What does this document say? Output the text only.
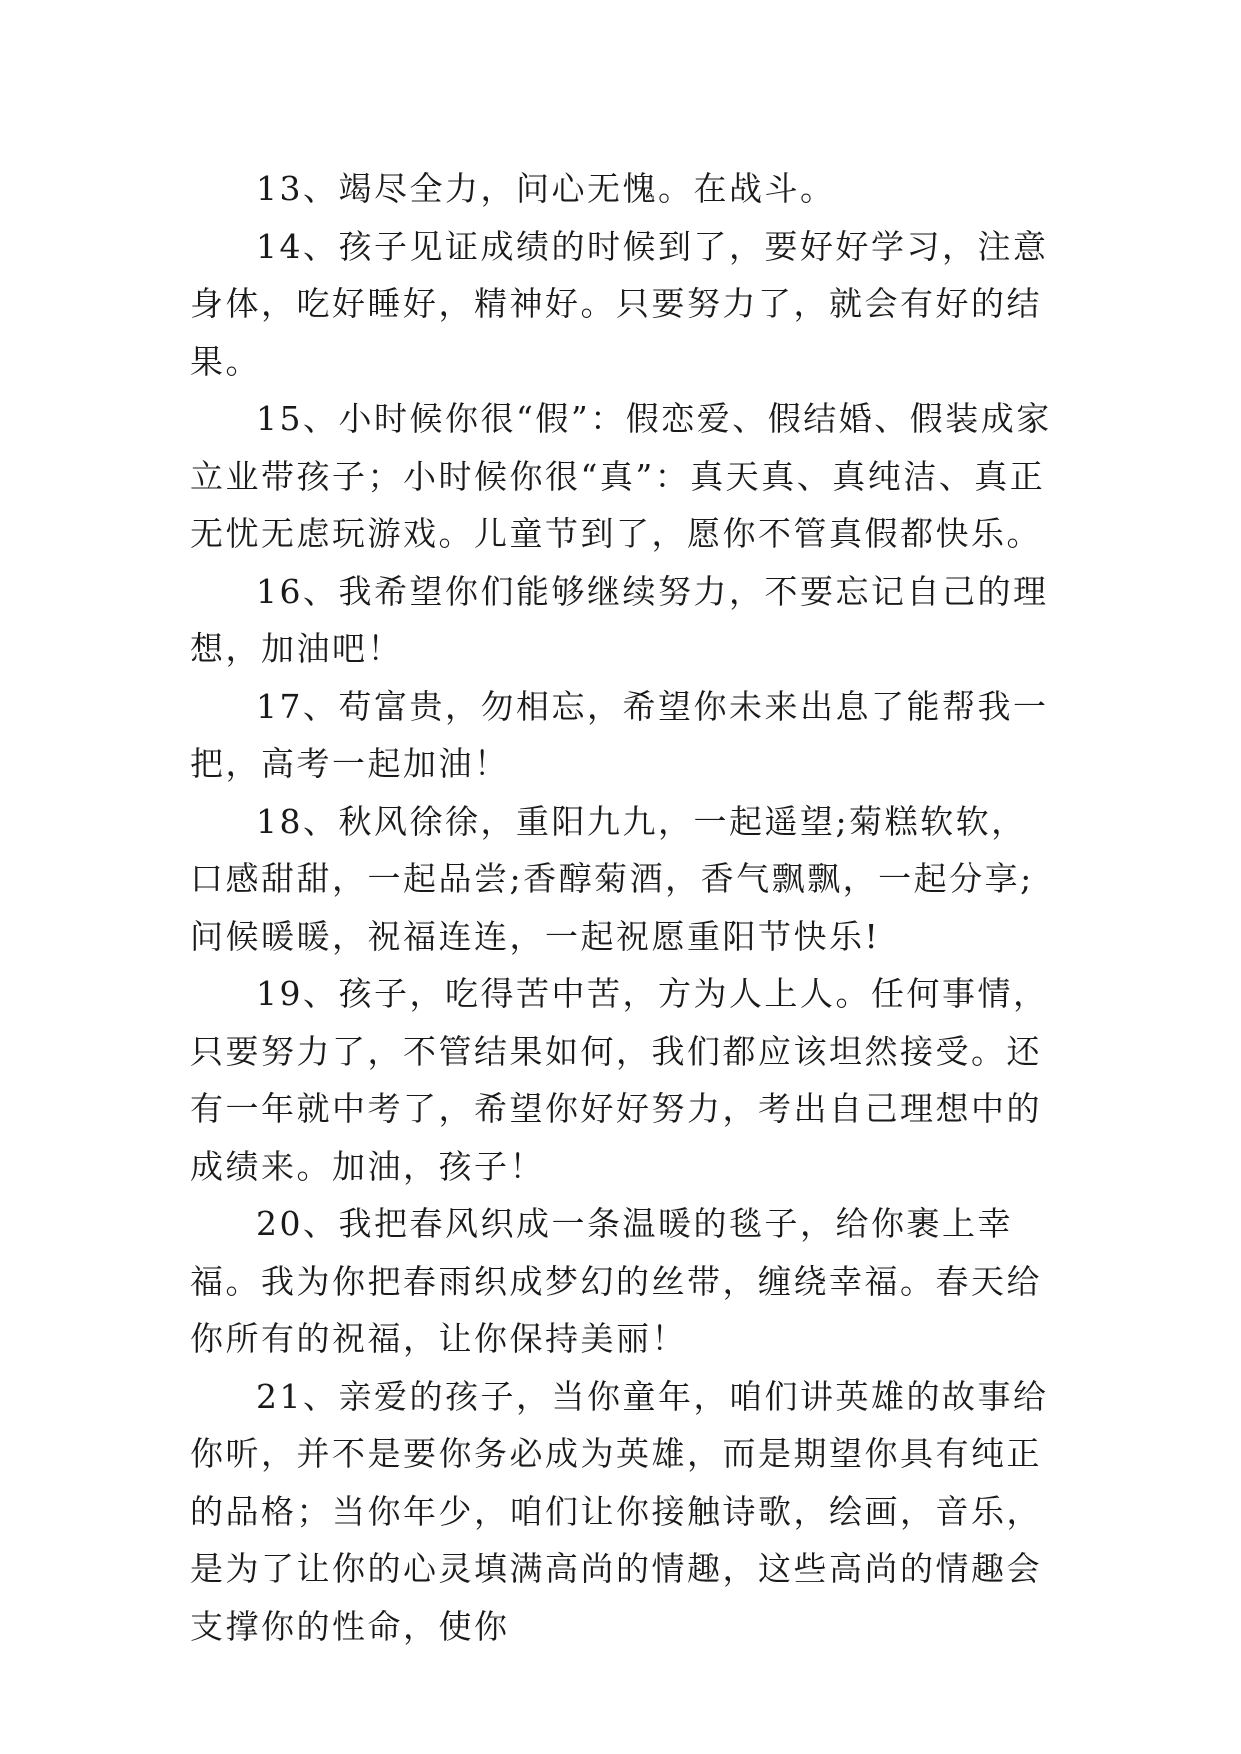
13、竭尽全力，问心无愧。在战斗。

14、孩子见证成绩的时候到了，要好好学习，注意身体，吃好睡好，精神好。只要努力了，就会有好的结果。

15、小时候你很“假”：假恋爱、假结婚、假装成家立业带孩子；小时候你很“真”：真天真、真纯洁、真正无忧无虑玩游戏。儿童节到了，愿你不管真假都快乐。

16、我希望你们能够继续努力，不要忘记自己的理想，加油吧！

17、苟富贵，勿相忘，希望你未来出息了能帮我一把，高考一起加油！

18、秋风徐徐，重阳九九，一起遥望;菊糕软软，口感甜甜，一起品尝;香醇菊酒，香气飘飘，一起分享;问候暖暖，祝福连连，一起祝愿重阳节快乐!

19、孩子，吃得苦中苦，方为人上人。任何事情，只要努力了，不管结果如何，我们都应该坦然接受。还有一年就中考了，希望你好好努力，考出自己理想中的成绩来。加油，孩子！

20、我把春风织成一条温暖的毯子，给你裹上幸福。我为你把春雨织成梦幻的丝带，缠绕幸福。春天给你所有的祝福，让你保持美丽！

21、亲爱的孩子，当你童年，咱们讲英雄的故事给你听，并不是要你务必成为英雄，而是期望你具有纯正的品格；当你年少，咱们让你接触诗歌，绘画，音乐，是为了让你的心灵填满高尚的情趣，这些高尚的情趣会支撑你的性命，使你
